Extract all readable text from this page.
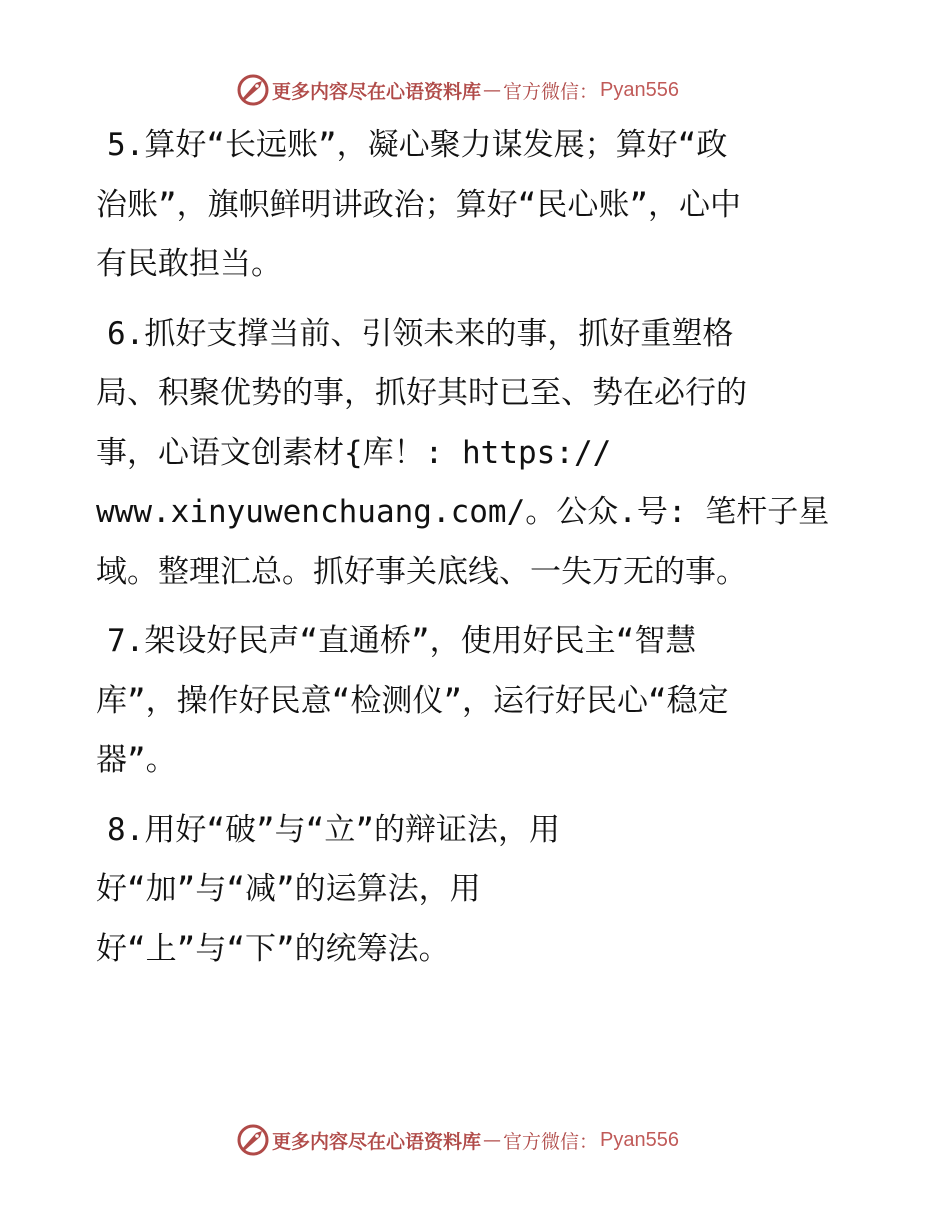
更多内容尽在心语资料库 — 官方微信： Pyan556
5.算好“长远账”，凝心聚力谋发展；算好“政
治账”，旗帜鲜明讲政治；算好“民心账”，心中
有民敢担当。
6.抓好支撑当前、引领未来的事，抓好重塑格
局、积聚优势的事，抓好其时已至、势在必行的
事，心语文创素材{库！: https://
www.xinyuwenchuang.com/。公众.号: 笔杆子星
域。整理汇总。抓好事关底线、一失万无的事。
7.架设好民声“直通桥”，使用好民主“智慧
库”，操作好民意“检测仪”，运行好民心“稳定
器”。
8.用好“破”与“立”的辩证法，用
好“加”与“减”的运算法，用
好“上”与“下”的统筹法。
更多内容尽在心语资料库 — 官方微信： Pyan556
